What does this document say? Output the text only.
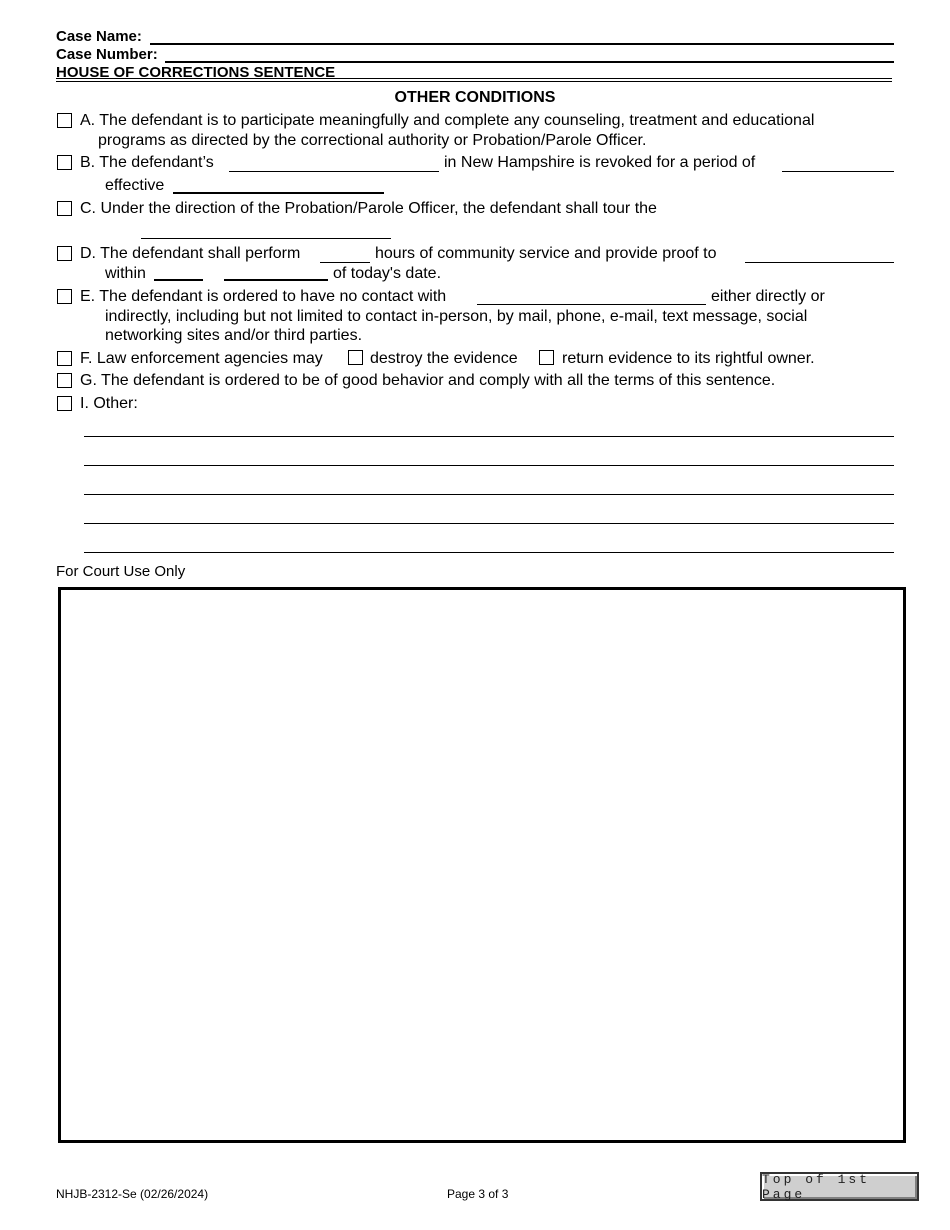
Case Name:
Case Number:
HOUSE OF CORRECTIONS SENTENCE
OTHER CONDITIONS
A. The defendant is to participate meaningfully and complete any counseling, treatment and educational
programs as directed by the correctional authority or Probation/Parole Officer.
B. The defendant’s	in New Hampshire is revoked for a period of
effective
C. Under the direction of the Probation/Parole Officer, the defendant shall tour the
D. The defendant shall perform	hours of community service and provide proof to
within	of today's date.
E. The defendant is ordered to have no contact with	either directly or
indirectly, including but not limited to contact in-person, by mail, phone, e-mail, text message, social
networking sites and/or third parties.
F. Law enforcement agencies may	destroy the evidence	return evidence to its rightful owner.
G. The defendant is ordered to be of good behavior and comply with all the terms of this sentence.
I. Other:
For Court Use Only
NHJB-2312-Se (02/26/2024)	Page 3 of 3
Top of 1st Page
